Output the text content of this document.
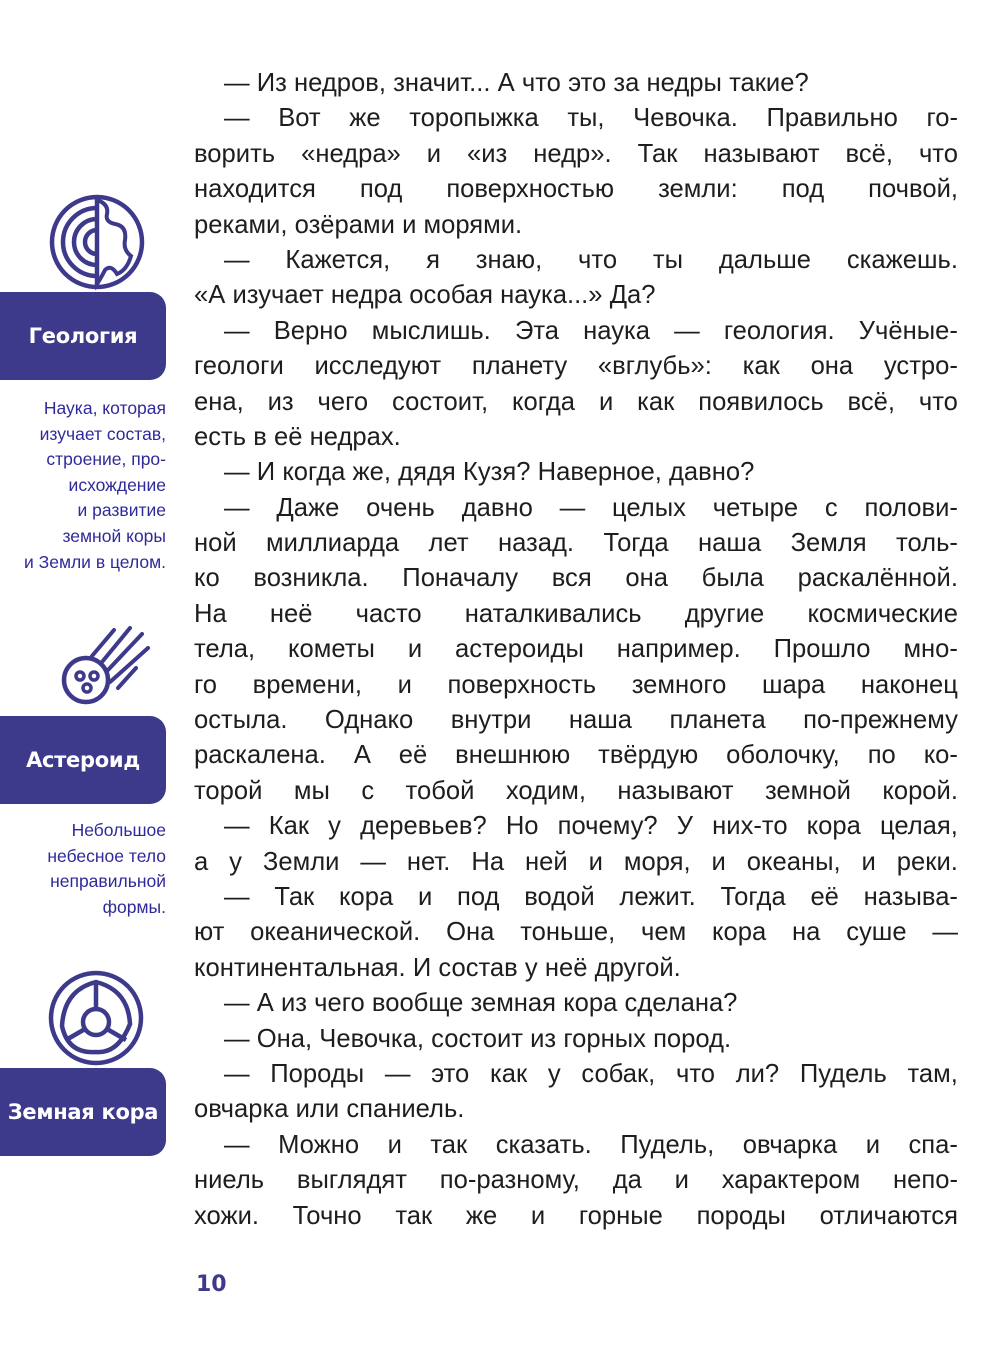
Геология
Наука, которая
изучает состав,
строение, про-
исхождение
и развитие
земной коры
и Земли в целом.
Астероид
Небольшое
небесное тело
неправильной
формы.
Земная кора
— Из недров, значит... А что это за недры такие?
— Вот же торопыжка ты, Чевочка. Правильно го-
ворить «недра» и «из недр». Так называют всё, что
находится под поверхностью земли: под почвой,
реками, озёрами и морями.
— Кажется, я знаю, что ты дальше скажешь.
«А изучает недра особая наука...» Да?
— Верно мыслишь. Эта наука — геология. Учёные-
геологи исследуют планету «вглубь»: как она устро-
ена, из чего состоит, когда и как появилось всё, что
есть в её недрах.
— И когда же, дядя Кузя? Наверное, давно?
— Даже очень давно — целых четыре с полови-
ной миллиарда лет назад. Тогда наша Земля толь-
ко возникла. Поначалу вся она была раскалённой.
На неё часто наталкивались другие космические
тела, кометы и астероиды например. Прошло мно-
го времени, и поверхность земного шара наконец
остыла. Однако внутри наша планета по-прежнему
раскалена. А её внешнюю твёрдую оболочку, по ко-
торой мы с тобой ходим, называют земной корой.
— Как у деревьев? Но почему? У них-то кора целая,
а у Земли — нет. На ней и моря, и океаны, и реки.
— Так кора и под водой лежит. Тогда её называ-
ют океанической. Она тоньше, чем кора на суше —
континентальная. И состав у неё другой.
— А из чего вообще земная кора сделана?
— Она, Чевочка, состоит из горных пород.
— Породы — это как у собак, что ли? Пудель там,
овчарка или спаниель.
— Можно и так сказать. Пудель, овчарка и спа-
ниель выглядят по-разному, да и характером непо-
хожи. Точно так же и горные породы отличаются
10
